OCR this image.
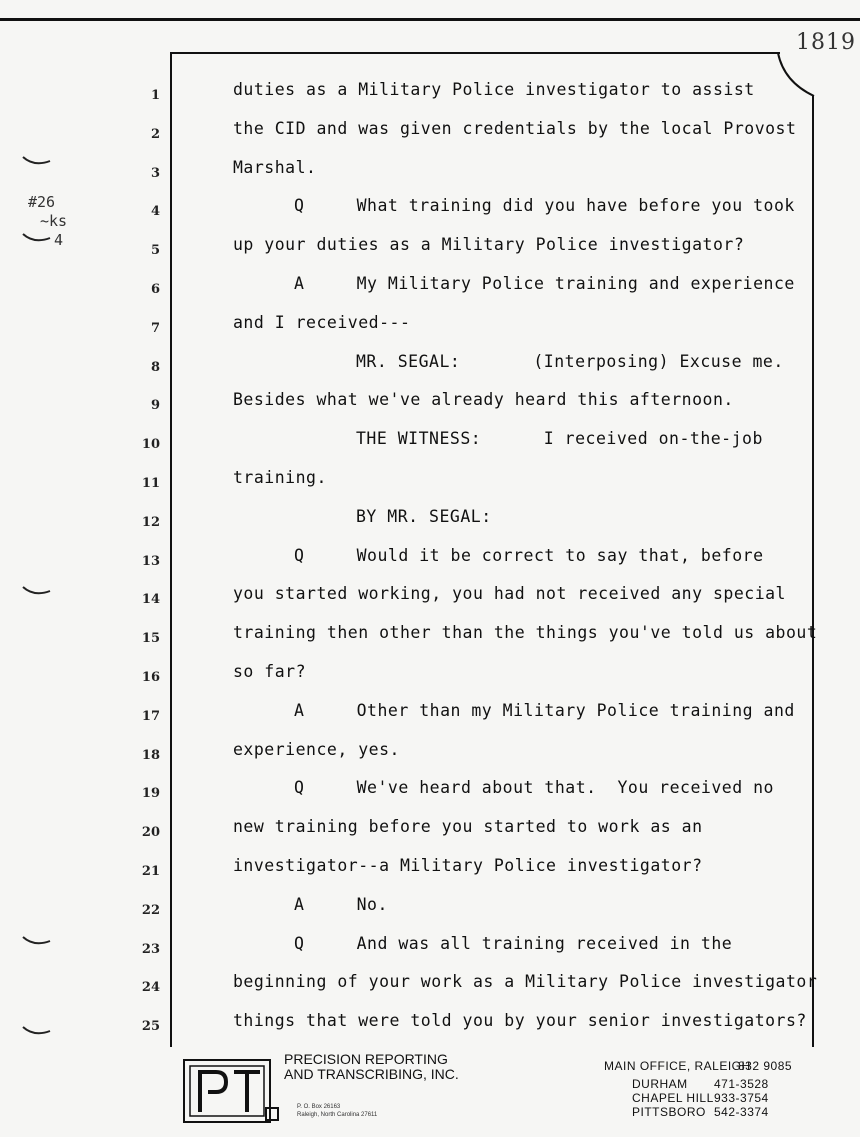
1819
#26
~ks
4
1	duties as a Military Police investigator to assist
2	the CID and was given credentials by the local Provost
3	Marshal.
4	Q     What training did you have before you took
5	up your duties as a Military Police investigator?
6	A     My Military Police training and experience
7	and I received---
8	MR. SEGAL:       (Interposing) Excuse me.
9	Besides what we've already heard this afternoon.
10	THE WITNESS:      I received on-the-job
11	training.
12	BY MR. SEGAL:
13	Q     Would it be correct to say that, before
14	you started working, you had not received any special
15	training then other than the things you've told us about
16	so far?
17	A     Other than my Military Police training and
18	experience, yes.
19	Q     We've heard about that.  You received no
20	new training before you started to work as an
21	investigator--a Military Police investigator?
22	A     No.
23	Q     And was all training received in the
24	beginning of your work as a Military Police investigator
25	things that were told you by your senior investigators?
PRECISION REPORTING
AND TRANSCRIBING, INC.
P. O. Box 26163
Raleigh, North Carolina 27611
MAIN OFFICE, RALEIGH
832 9085
DURHAM 471-3528
CHAPEL HILL 933-3754
PITTSBORO 542-3374
